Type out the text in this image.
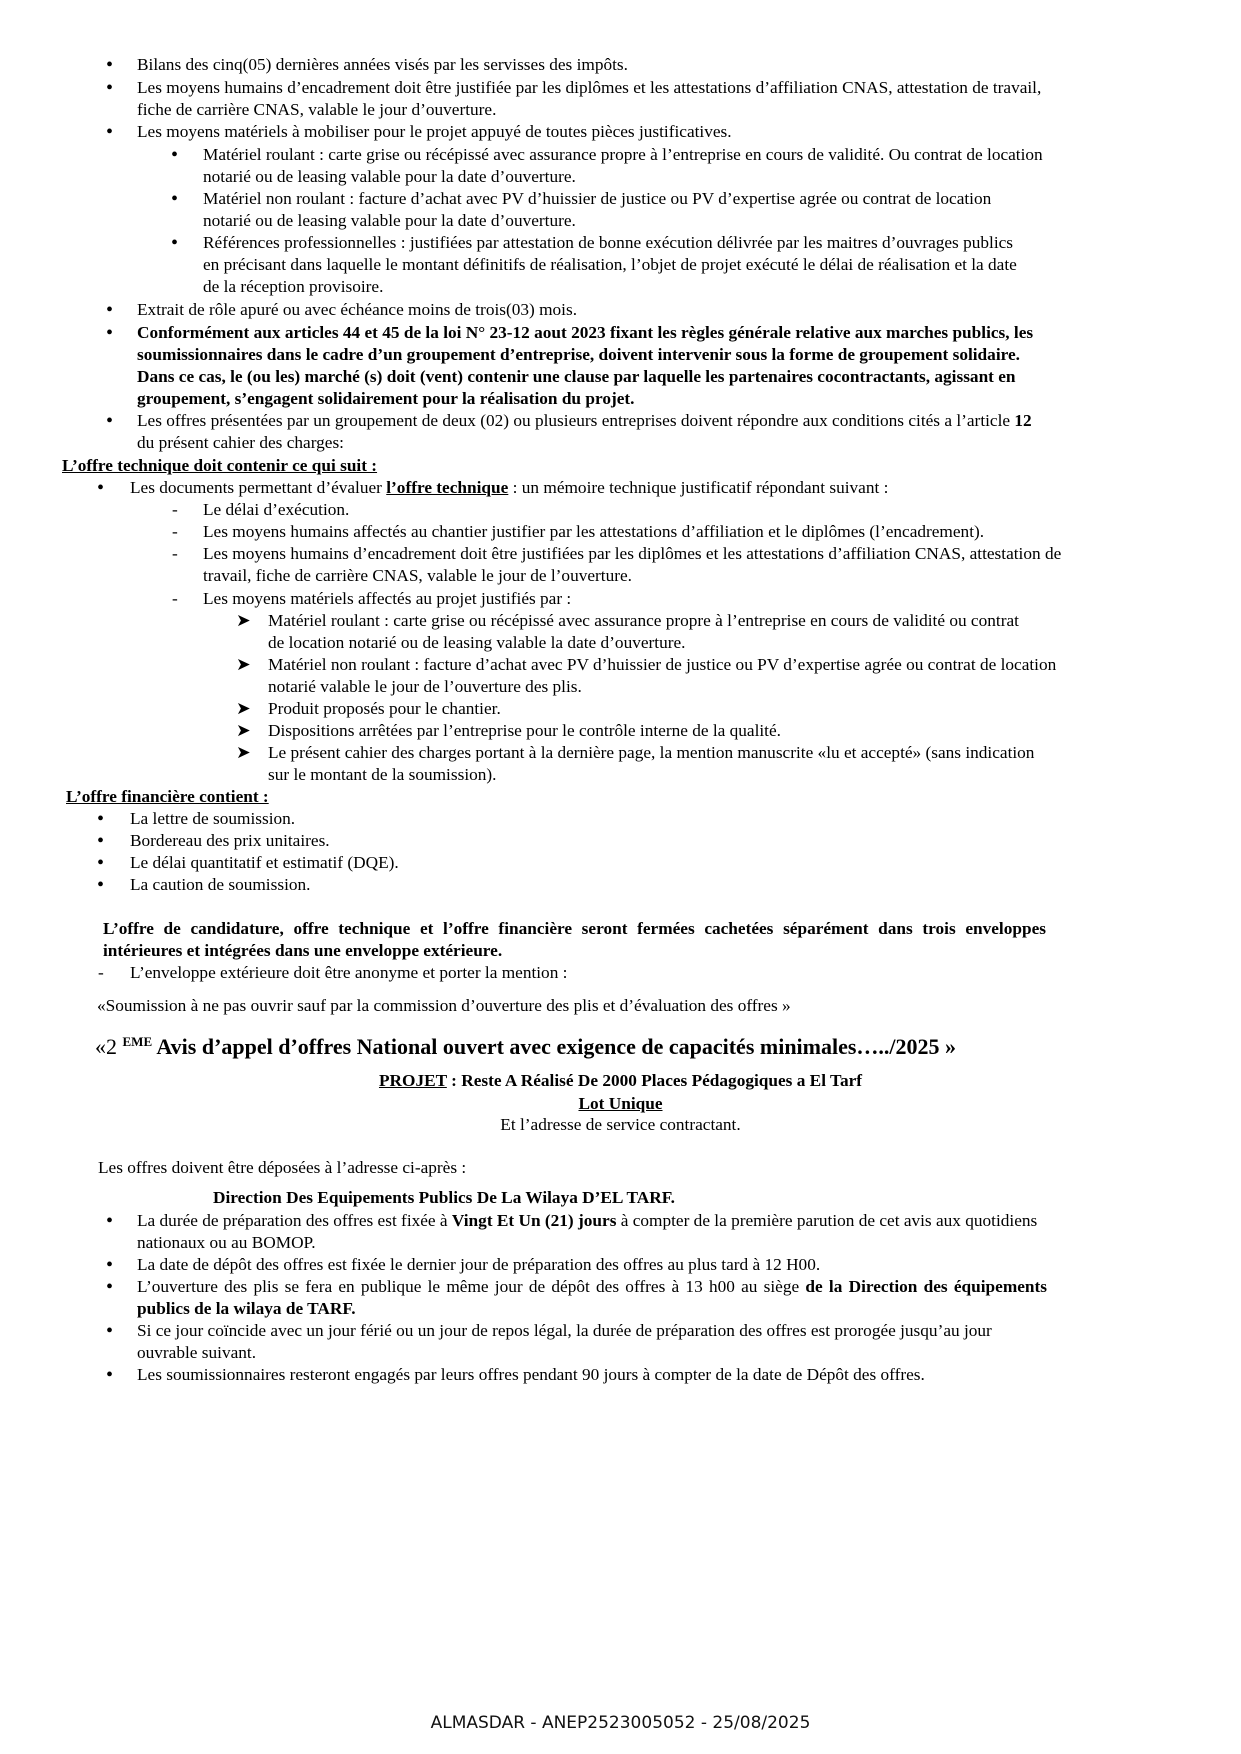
•
Bilans des cinq(05) dernières années visés par les servisses des impôts.
•
Les moyens humains d’encadrement doit être justifiée par les diplômes et les attestations d’affiliation CNAS, attestation de travail, fiche de carrière CNAS, valable le jour d’ouverture.
•
Les moyens matériels à mobiliser pour le projet appuyé de toutes pièces justificatives.
•
Matériel roulant : carte grise ou récépissé avec assurance propre à l’entreprise en cours de validité. Ou contrat de location notarié ou de leasing valable pour la date d’ouverture.
•
Matériel non roulant : facture d’achat avec PV d’huissier de justice ou PV d’expertise agrée ou contrat de location notarié ou de leasing valable pour la date d’ouverture.
•
Références professionnelles : justifiées par attestation de bonne exécution délivrée par les maitres d’ouvrages publics en précisant dans laquelle le montant définitifs de réalisation, l’objet de projet exécuté le délai de réalisation et la date de la réception provisoire.
•
Extrait de rôle apuré ou avec échéance moins de trois(03) mois.
•
Conformément aux articles 44 et 45 de la loi N° 23-12 aout 2023 fixant les règles générale relative aux marches publics, les soumissionnaires dans le cadre d’un groupement d’entreprise, doivent intervenir sous la forme de groupement solidaire. Dans ce cas, le (ou les) marché (s) doit (vent) contenir une clause par laquelle les partenaires cocontractants, agissant en groupement, s’engagent solidairement pour la réalisation du projet.
•
Les offres présentées par un groupement de deux (02) ou plusieurs entreprises doivent répondre aux conditions cités a l’article 12 du présent cahier des charges:
L’offre technique doit contenir ce qui suit :
•
Les documents permettant d’évaluer l’offre technique : un mémoire technique justificatif répondant suivant :
-	Le délai d’exécution.
-	Les moyens humains affectés au chantier justifier par les attestations d’affiliation et le diplômes (l’encadrement).
-	Les moyens humains d’encadrement doit être justifiées par les diplômes et les attestations d’affiliation CNAS, attestation de travail, fiche de carrière CNAS, valable le jour de l’ouverture.
-	Les moyens matériels affectés au projet justifiés par :
➤	Matériel roulant : carte grise ou récépissé avec assurance propre à l’entreprise en cours de validité ou contrat de location notarié ou de leasing valable la date d’ouverture.
➤	Matériel non roulant : facture d’achat avec PV d’huissier de justice ou PV d’expertise agrée ou contrat de location notarié valable le jour de l’ouverture des plis.
➤	Produit proposés pour le chantier.
➤	Dispositions arrêtées par l’entreprise pour le contrôle interne de la qualité.
➤	Le présent cahier des charges portant à la dernière page, la mention manuscrite «lu et accepté» (sans indication sur le montant de la soumission).
L’offre financière contient :
•
La lettre de soumission.
•
Bordereau des prix unitaires.
•
Le délai quantitatif et estimatif (DQE).
•
La caution de soumission.
L’offre de candidature, offre technique et l’offre financière seront fermées cachetées séparément dans trois enveloppes intérieures et intégrées dans une enveloppe extérieure.
-	L’enveloppe extérieure doit être anonyme et porter la mention :
«Soumission à ne pas ouvrir sauf par la commission d’ouverture des plis et d’évaluation des offres »
«2 $^{EME}$ Avis d’appel d’offres National ouvert avec exigence de capacités minimales…../2025 »
PROJET : Reste A Réalisé De 2000 Places Pédagogiques a El Tarf
Lot Unique
Et l’adresse de service contractant.
Les offres doivent être déposées à l’adresse ci-après :
Direction Des Equipements Publics De La Wilaya D’EL TARF.
•
La durée de préparation des offres est fixée à Vingt Et Un (21) jours à compter de la première parution de cet avis aux quotidiens nationaux ou au BOMOP.
•
La date de dépôt des offres est fixée le dernier jour de préparation des offres au plus tard à 12 H00.
•
L’ouverture des plis se fera en publique le même jour de dépôt des offres à 13 h00 au siège de la Direction des équipements publics de la wilaya de TARF.
•
Si ce jour coïncide avec un jour férié ou un jour de repos légal, la durée de préparation des offres est prorogée jusqu’au jour ouvrable suivant.
•
Les soumissionnaires resteront engagés par leurs offres pendant 90 jours à compter de la date de Dépôt des offres.
ALMASDAR - ANEP2523005052 - 25/08/2025
